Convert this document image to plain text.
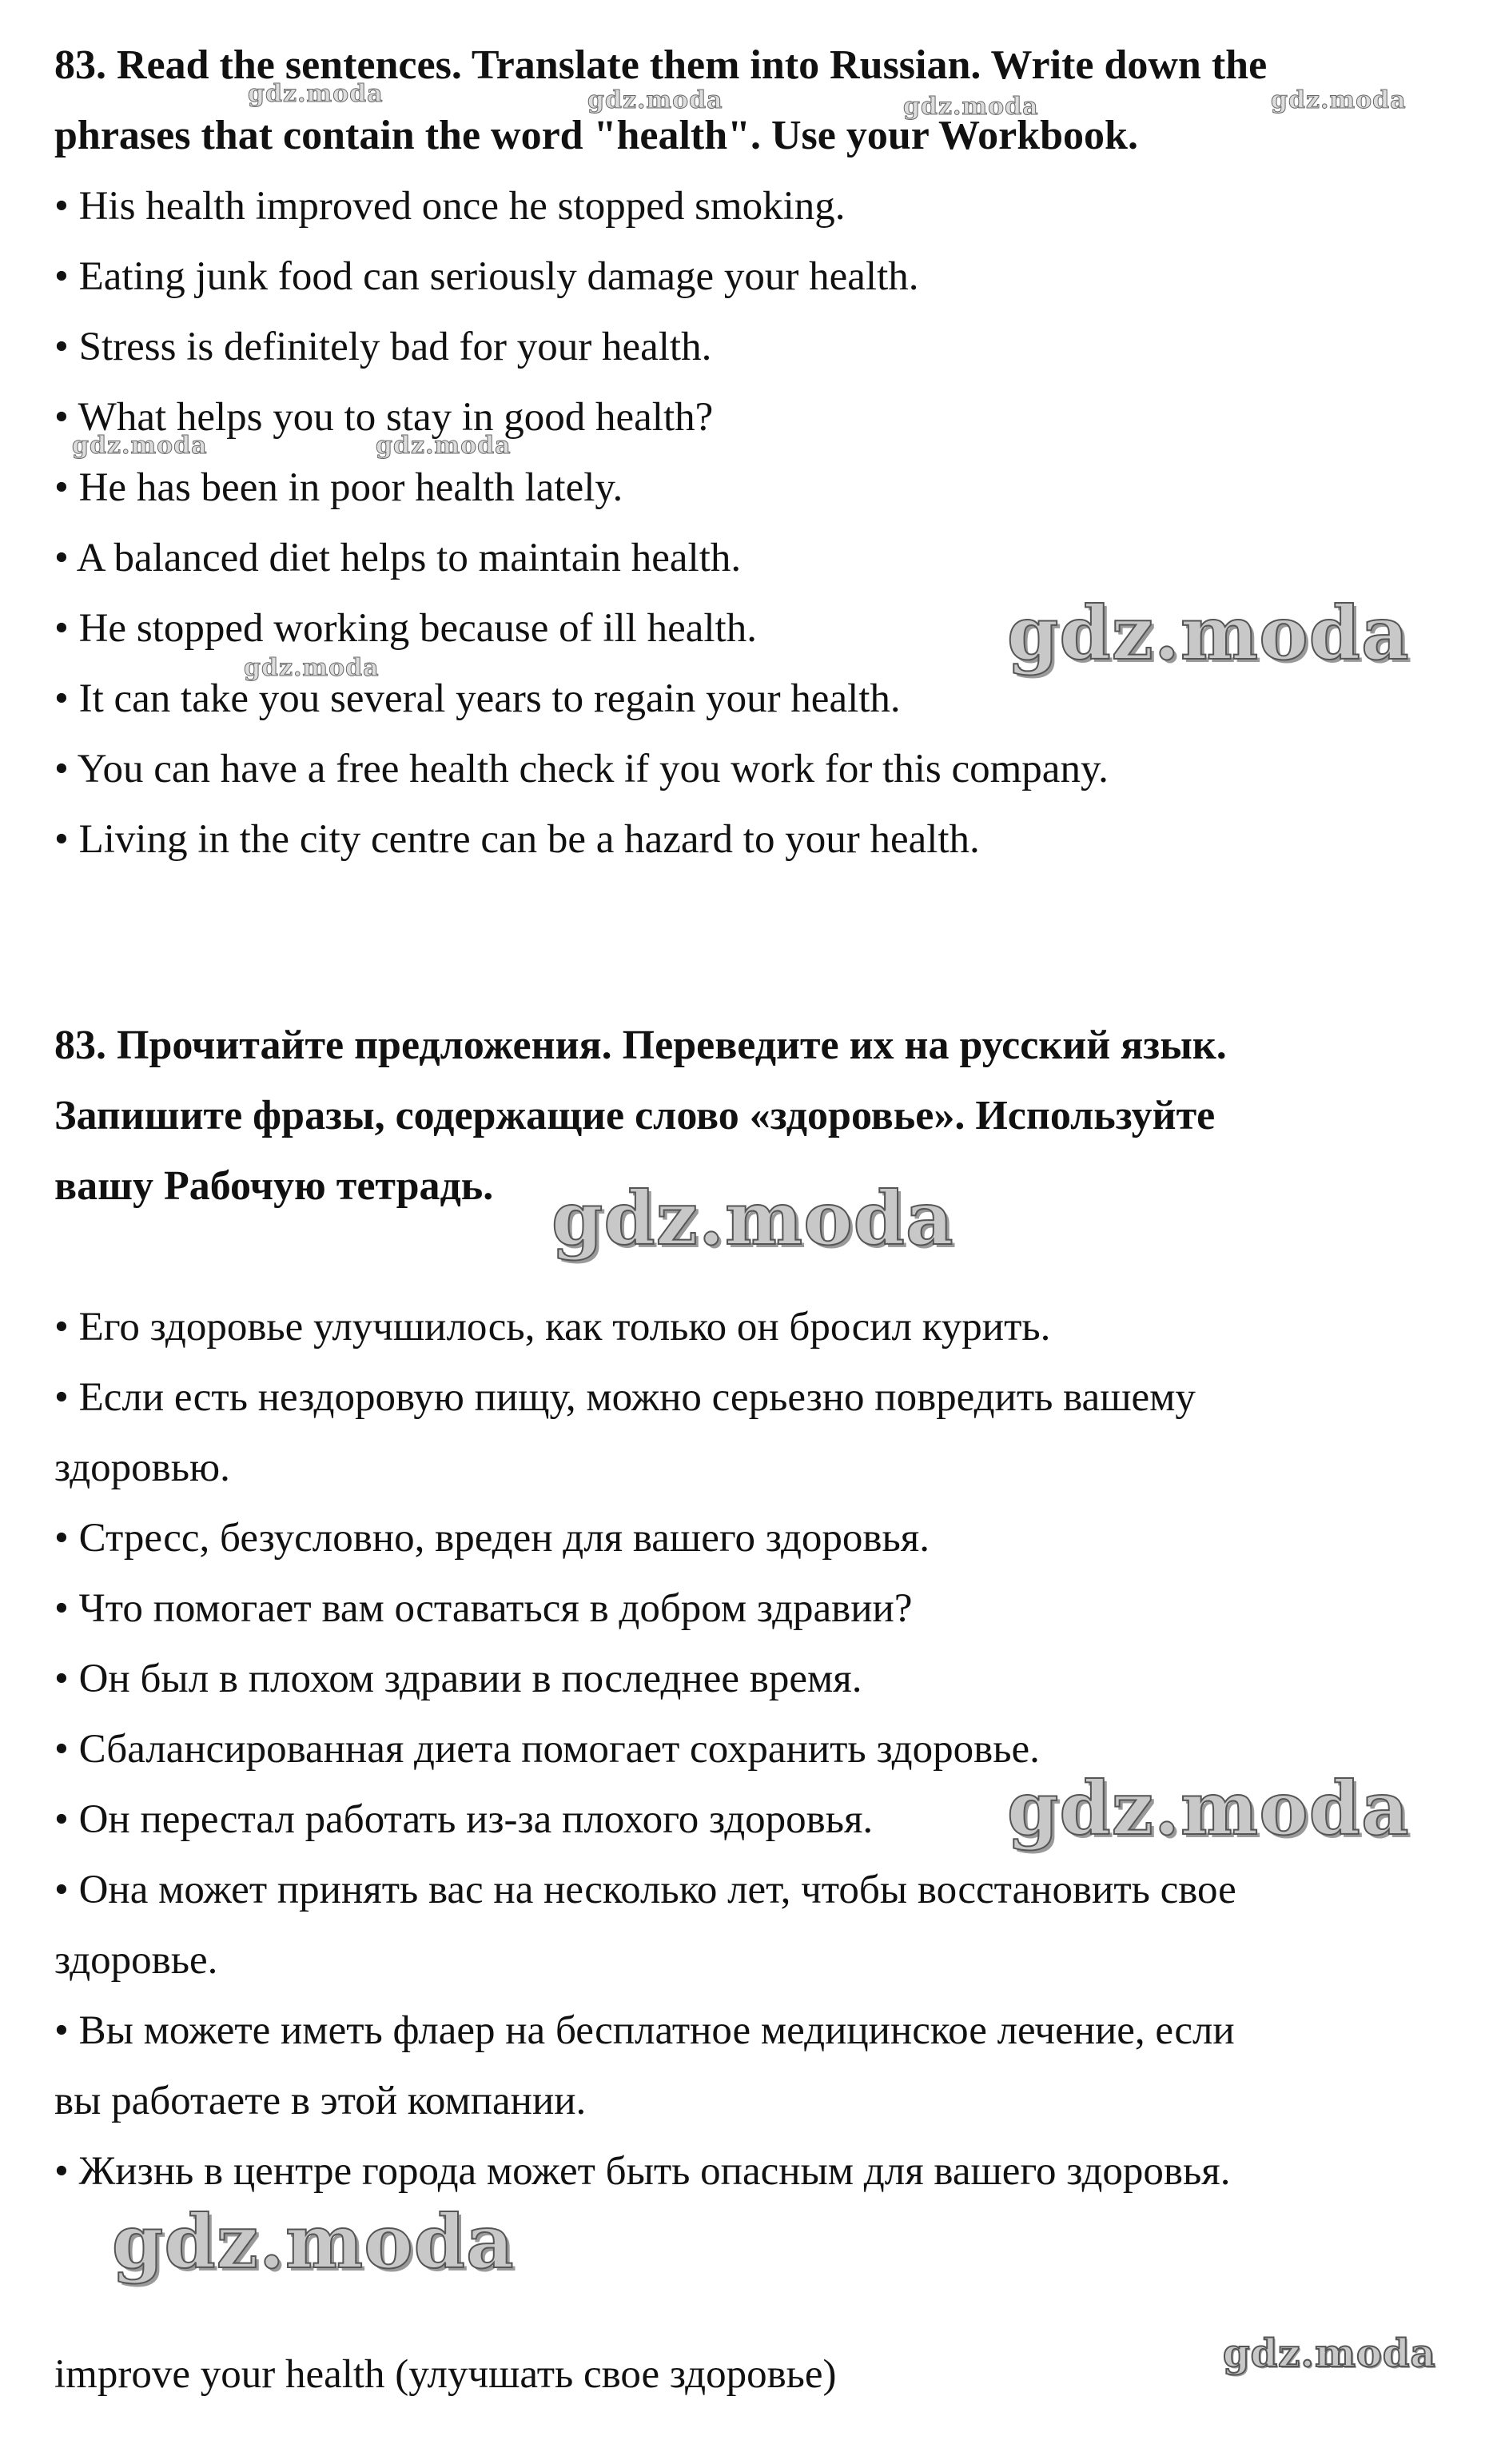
83. Read the sentences. Translate them into Russian. Write down the

phrases that contain the word "health". Use your Workbook.

• His health improved once he stopped smoking.

• Eating junk food can seriously damage your health.

• Stress is definitely bad for your health.

• What helps you to stay in good health?

• He has been in poor health lately.

• A balanced diet helps to maintain health.

• He stopped working because of ill health.

• It can take you several years to regain your health.

• You can have a free health check if you work for this company.

• Living in the city centre can be a hazard to your health.

83. Прочитайте предложения. Переведите их на русский язык.

Запишите фразы, содержащие слово «здоровье». Используйте

вашу Рабочую тетрадь.

• Его здоровье улучшилось, как только он бросил курить.

• Если есть нездоровую пищу, можно серьезно повредить вашему

здоровью.

• Стресс, безусловно, вреден для вашего здоровья.

• Что помогает вам оставаться в добром здравии?

• Он был в плохом здравии в последнее время.

• Сбалансированная диета помогает сохранить здоровье.

• Он перестал работать из-за плохого здоровья.

• Она может принять вас на несколько лет, чтобы восстановить свое

здоровье.

• Вы можете иметь флаер на бесплатное медицинское лечение, если

вы работаете в этой компании.

• Жизнь в центре города может быть опасным для вашего здоровья.

improve your health (улучшать свое здоровье)

gdz.moda	gdz.moda	gdz.moda	gdz.moda
gdz.moda	gdz.moda
gdz.moda	gdz.moda
gdz.moda
gdz.moda
gdz.moda
gdz.moda
